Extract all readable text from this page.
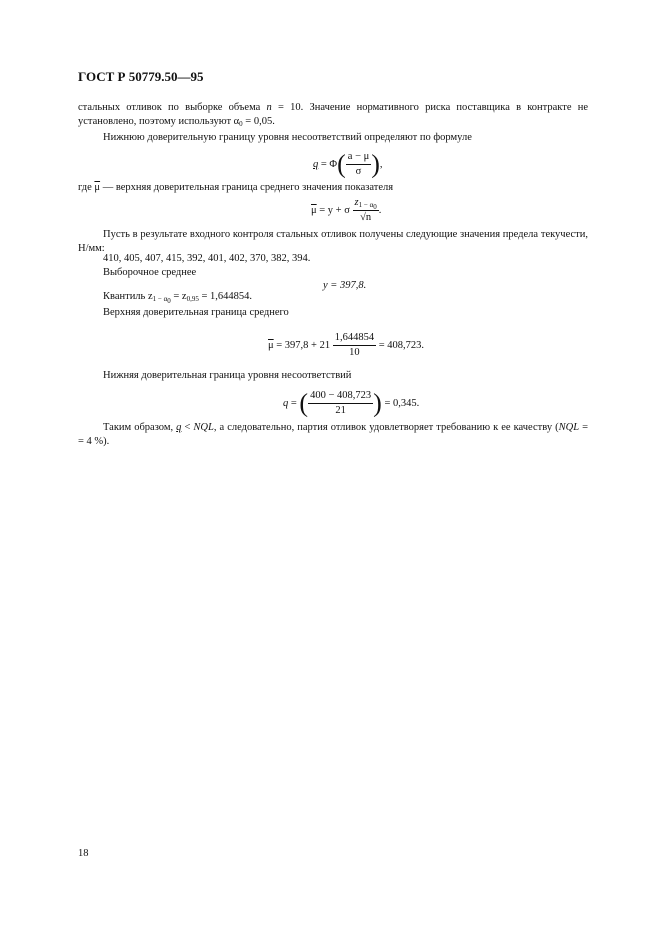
ГОСТ Р 50779.50—95
стальных отливок по выборке объема n = 10. Значение нормативного риска поставщика в контракте не установлено, поэтому используют $\alpha_0 = 0,05$.
Нижнюю доверительную границу уровня несоответствий определяют по формуле
$q = \Phi( \frac{a - \mu}{\sigma}$ ),
где $\overline{\mu}$ — верхняя доверительная граница среднего значения показателя
$\overline{\mu} = y + \sigma \frac{z_{1 - \alpha_0}}{√n}$ .
Пусть в результате входного контроля стальных отливок получены следующие значения предела текучести, Н/мм:
410, 405, 407, 415, 392, 401, 402, 370, 382, 394.
Выборочное среднее
y = 397,8.
Квантиль $z_{1 - \alpha_0} = z_{0,95} = 1,644854$.
Верхняя доверительная граница среднего
$\overline{\mu} = 397,8 + 21 \frac{1,644854}{10} = 408,723$.
Нижняя доверительная граница уровня несоответствий
q = ( $\frac{400 - 408,723}{21}$ ) = 0,345.
Таким образом, q < NQL, а следовательно, партия отливок удовлетворяет требованию к ее качеству (NQL = = 4 %).
18
